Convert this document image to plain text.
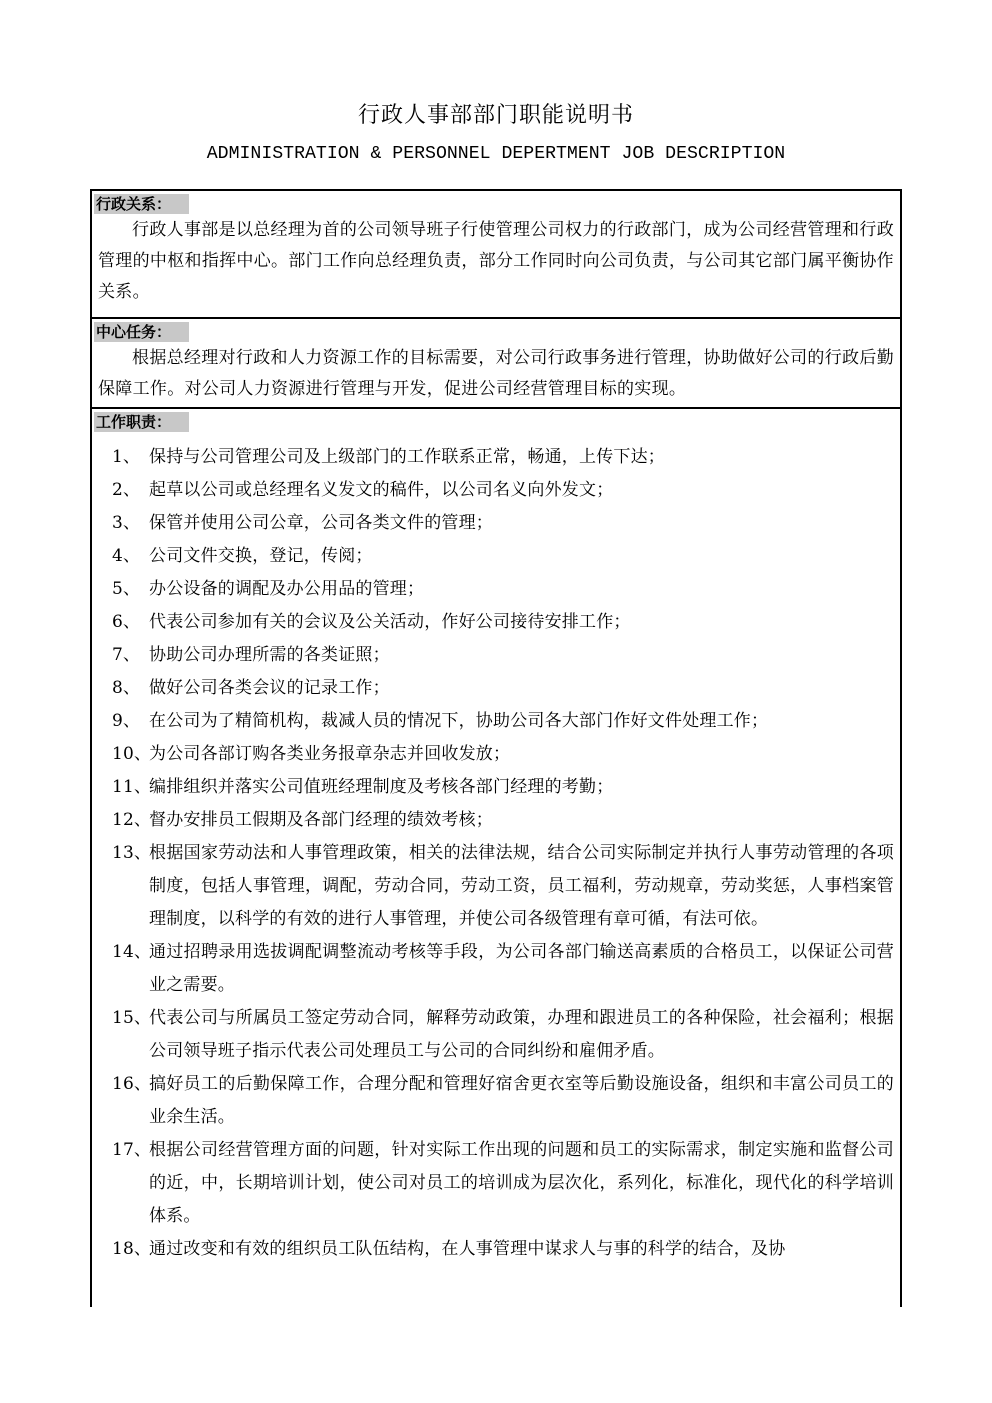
行政人事部部门职能说明书
ADMINISTRATION & PERSONNEL DEPERTMENT JOB DESCRIPTION
行政关系：

行政人事部是以总经理为首的公司领导班子行使管理公司权力的行政部门，成为公司经营管理和行政管理的中枢和指挥中心。部门工作向总经理负责，部分工作同时向公司负责，与公司其它部门属平衡协作关系。

中心任务：

根据总经理对行政和人力资源工作的目标需要，对公司行政事务进行管理，协助做好公司的行政后勤保障工作。对公司人力资源进行管理与开发，促进公司经营管理目标的实现。

工作职责：
1、 保持与公司管理公司及上级部门的工作联系正常，畅通，上传下达；
2、 起草以公司或总经理名义发文的稿件，以公司名义向外发文；
3、 保管并使用公司公章，公司各类文件的管理；
4、 公司文件交换，登记，传阅；
5、 办公设备的调配及办公用品的管理；
6、 代表公司参加有关的会议及公关活动，作好公司接待安排工作；
7、 协助公司办理所需的各类证照；
8、 做好公司各类会议的记录工作；
9、 在公司为了精简机构，裁减人员的情况下，协助公司各大部门作好文件处理工作；
10、
为公司各部订购各类业务报章杂志并回收发放；
11、
编排组织并落实公司值班经理制度及考核各部门经理的考勤；
12、
督办安排员工假期及各部门经理的绩效考核；
13、
根据国家劳动法和人事管理政策，相关的法律法规，结合公司实际制定并执行人事劳动管理的各项制度，包括人事管理，调配，劳动合同，劳动工资，员工福利，劳动规章，劳动奖惩，人事档案管理制度，以科学的有效的进行人事管理，并使公司各级管理有章可循，有法可依。
14、
通过招聘录用选拔调配调整流动考核等手段，为公司各部门输送高素质的合格员工，以保证公司营业之需要。
15、
代表公司与所属员工签定劳动合同，解释劳动政策，办理和跟进员工的各种保险，社会福利；根据公司领导班子指示代表公司处理员工与公司的合同纠纷和雇佣矛盾。
16、
搞好员工的后勤保障工作，合理分配和管理好宿舍更衣室等后勤设施设备，组织和丰富公司员工的业余生活。
17、
根据公司经营管理方面的问题，针对实际工作出现的问题和员工的实际需求，制定实施和监督公司的近，中，长期培训计划，使公司对员工的培训成为层次化，系列化，标准化，现代化的科学培训体系。
18、
通过改变和有效的组织员工队伍结构，在人事管理中谋求人与事的科学的结合，及协
